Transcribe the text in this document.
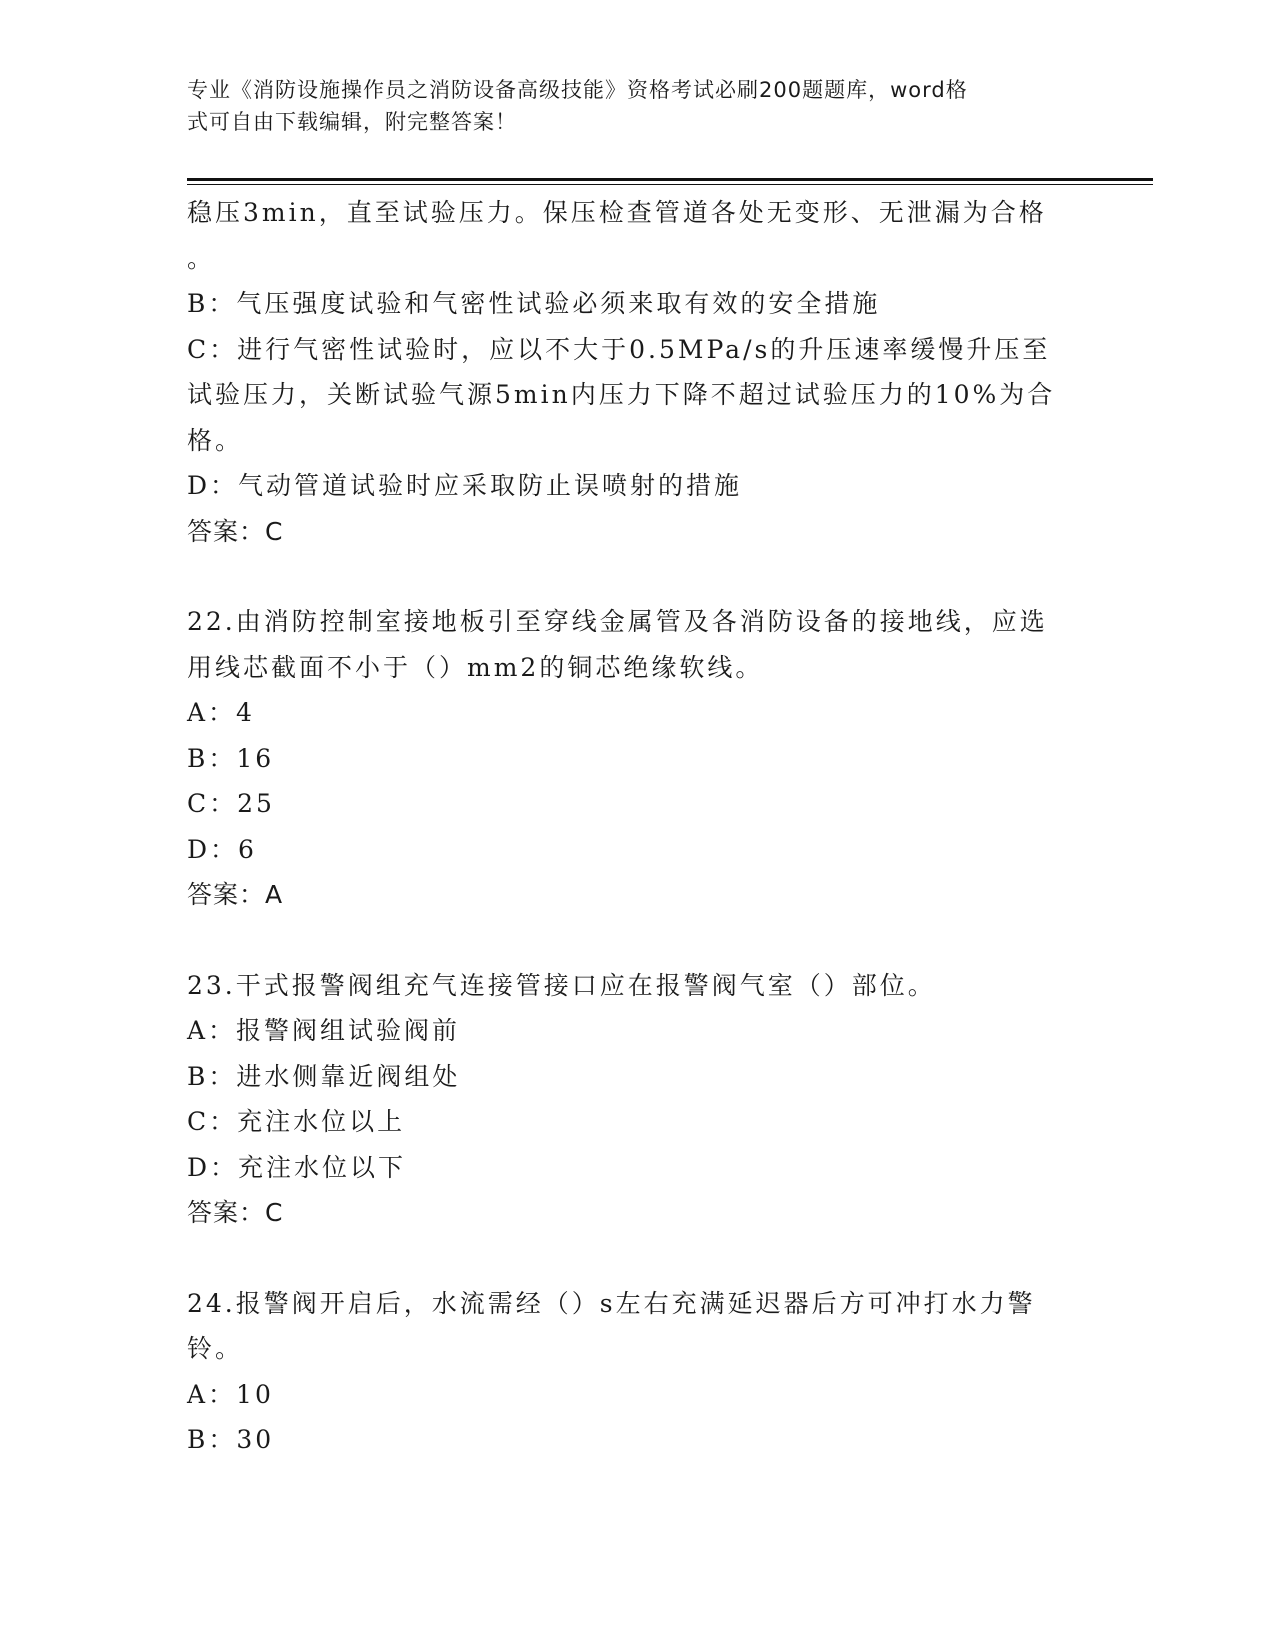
专业《消防设施操作员之消防设备高级技能》资格考试必刷200题题库，word格
式可自由下载编辑，附完整答案！
稳压3min，直至试验压力。保压检查管道各处无变形、无泄漏为合格
。
B：气压强度试验和气密性试验必须来取有效的安全措施
C：进行气密性试验时，应以不大于0.5MPa/s的升压速率缓慢升压至
试验压力，关断试验气源5min内压力下降不超过试验压力的10%为合
格。
D：气动管道试验时应采取防止误喷射的措施
答案：C
22.由消防控制室接地板引至穿线金属管及各消防设备的接地线，应选
用线芯截面不小于（）mm2的铜芯绝缘软线。
A：4
B：16
C：25
D：6
答案：A
23.干式报警阀组充气连接管接口应在报警阀气室（）部位。
A：报警阀组试验阀前
B：进水侧靠近阀组处
C：充注水位以上
D：充注水位以下
答案：C
24.报警阀开启后，水流需经（）s左右充满延迟器后方可冲打水力警
铃。
A：10
B：30
